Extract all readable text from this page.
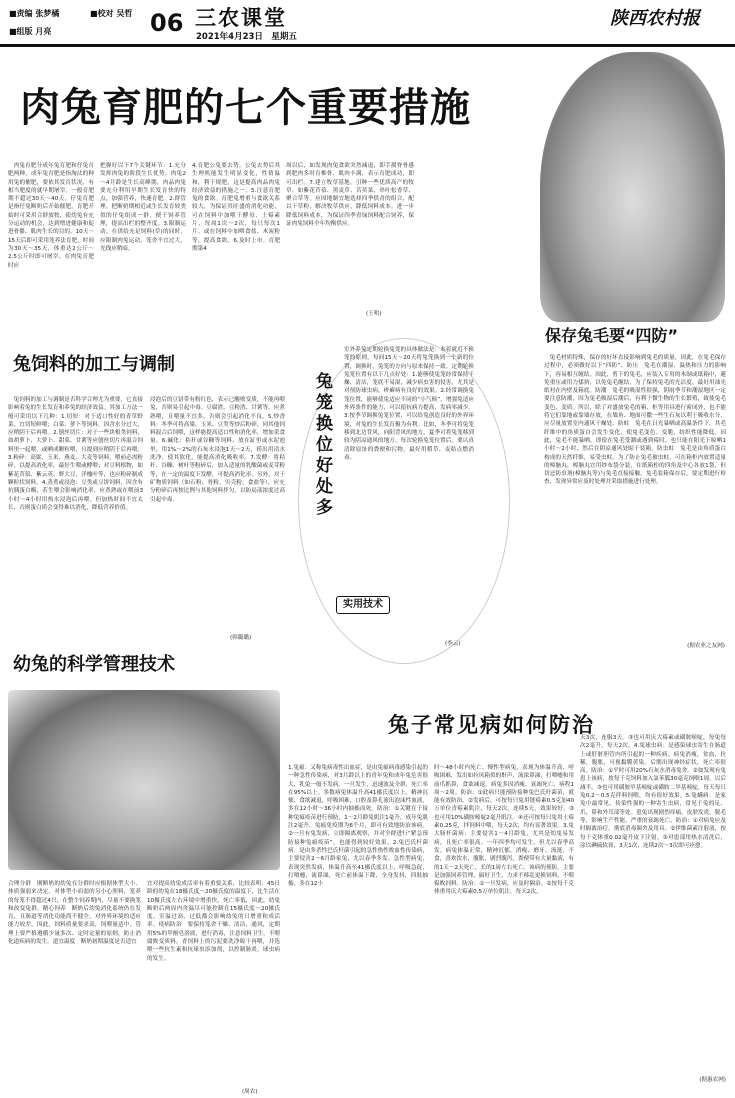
■责编 张梦橘	■校对 吴哲
■组版 月亮	06 三农课堂
2021年4月23日　星期五
陕西农村报
肉兔育肥的七个重要措施
肉兔育肥分成年兔育肥和仔兔育肥两种。成年兔育肥是指淘汰的种用兔的催肥，要依其发育状况，有相当肥度的就早期屠宰。一般育肥期不超过30天～40天。仔兔育肥是指仔兔断奶后开始催肥，育肥开始时可采用合群放牧，使幼兔有充分运动的机会，达到增进健康和促进骨骼、肌肉生长的目的。10天～15天后即可采用笼养法育肥，时间为30天～35天，体重达2公斤～2.5公斤时即可屠宰。在肉兔育肥时应
把握好以下7个关键环节：1.充分发挥肉兔的阶段生长优势。肉兔2～4月龄是生长高峰期，肉品肉兔要充分利用早期生长发育快的特点，加强营养，快速育肥。2.群管理。把断奶期相近或生长发育较类似的仔兔组成一群，便于饲养管理，提高出栏的整齐度。3.限制运动。在供给充足饲料(草)的同时，应限制肉兔运动，笼舍不宜过大，光线应稍暗。
4.育肥公兔要去势。公兔去势后其生理机能发生明显变化，性情温和，利于规肥，这是提高肉品肉兔经济效益的措施之一。5.注意育肥兔的食欲。育肥兔增重与食欲关系较大，为保证其旺盛的消化功能，可在饲料中加喂干酵母、土霉素片，每周1次～2次，每只每次1片。或在饲料中加喂食盐、木炭粉等，提高食欲。6.及时上市。育肥期第4
周以后，如发现肉兔食欲突然减退，即手摸脊骨感到肥肉多时育椎骨、肌肉丰满，表示育肥成功，即可出栏。7.建立牧草基地。引种一些优质高产的牧草。如紫花苜蓿、黑麦草、苦荬菜、串叶松香草、聚合草等。应因地制宜地选择四季供青的组合，配以干草粉，解决牧草供应，降低饲料成本。进一步降低饲料成本，为保证四季青绿饲料配合饲养，保证肉兔饲料全年均衡供应。
(王明)
保存兔毛要“四防”
兔毛材质特殊，保存的好坏直接影响到兔毛的质量。因此，在兔毛保存过程中，必须做好以下“四防”。防压　兔毛在潮湿、温热和压力的影响下，容易相互缠结。因此，剪下的兔毛，应装入专用的木制或纸箱中，避免重压或用力揉挤，以免兔毛缠结，为了保持兔毛的光洁度，最好用油光纸衬在内壁及箱底。防潮　兔毛的吸湿性很强，阴雨季节和潮湿地区一定要注意防潮，因为兔毛吸湿后潮后，有利于微生物的生长繁殖，致使兔毛变色、变质。所以，除了对盛放兔毛的箱、柜等用具进行密闭外，也不能将它们靠地或靠墙存放，在墙角、地面可撒一些生石灰以利于吸收水分，应尽量放置室内通风干燥处。防蛀　兔毛在日光暴晒或高温条件下，其毛纤维中的角质蛋白会发生变化，使兔毛变色、变脆，纺织性能降低。因此，兔毛不能暴晒，即使在兔毛受潮或遇到霉时，也只能在阳光下晾晒1小时～2小时，然后在阴凉通风处晾干装箱。防虫蛀　兔毛是由角质蛋白构成的天然纤维，易受虫蛀。为了防止兔毛被虫蛀，可在箱柜内放置适量的樟脑丸，樟脑丸宜用纱布袋分装，在纸箱柜的四角及中心各放1袋，但切忌防虫剂(樟脑丸等)与兔毛直接接触。兔毛装箱保存后，要定期进行检查，发现异常应及时处理并采取措施进行处理。
(据农业之友网)
兔饲料的加工与调制
兔饲料的加工与调制是否科学合理尤为重要，它直接影响着兔的生长发育和养兔的经济效益。其加工方法一般可采用以下几种：1.切短：对于适口性好的青草野菜，宜切短鲜喂；白菜、萝卜等饲料，因含水分过大，应稍阴干后再喂。2.刨丝切片：对于一些块根类饲料，如胡萝卜、大萝卜、甜菜、甘薯等应刨丝切片再混合饲料里一起喂，或晒成颗粒喂，且提到应稍阴干后再喂。3.粉碎：高粱、玉米、燕麦、大麦等饲料，喂前必需粉碎，以提高消化率，最好生喂或酵喂；对豆料植物，如紫花苜蓿、紫云英、野大豆、洋槐叶等，也应粉碎制成颗粒状饲料。4.蒸煮或浸泡：豆类或豆饼饲料，因含有抗胰蛋白酶，若生喂会影响消化率，应煮熟或在喂前3小时～4小时用热水浸泡后再喂。但加热时间不宜太长，否则蛋白质会变得难以消化，降低营养价值。
浸泡后的豆饼带有粉红色，表示已酸败变质，不能再喂兔，否则易引起中毒。豆腐渣、豆粉渣、甘薯等，应煮熟喂，且喂量不宜多，否则会引起消化不良。5.炒香料：冬季可将高粱、玉米、豆类等炒后粉碎，同其他饲料混合后饲喂，这样能提高适口性和消化率，增加采食量。6.碱化：秸秆或谷糠等饲料，放在缸里或水泥池里，用1%～2%的石灰水浸泡1天～2天，捞出用清水洗净，使其软化，能提高消化吸收率。7.发酵：将秸秆、谷糠、树叶等粉碎后，加入适量的乳酸菌或麦芽粉等，在一定的温度下发酵，可提高消化率。另外，对于矿物质饲料（如石粉、骨粉、贝壳粉、食盐等），应充分粉碎后再按比例与其他饲料拌匀，以防局部浓度过高引起中毒。
(韩璐璐)
兔笼换位好处多
实用技术
室外养兔定期轮换兔笼的具体做法是：本着就近不换笼的原则，每间15天～20天将兔笼换到一个新的位置，调换时，兔笼的方向与原来保持一致。定期轮换兔笼位置有以下几点好处：1.能够使兔笼经常保持干燥、清洁，笼底不易湿，减少病虫害的侵害，尤其是对预防球虫病，疥癣病有良好的效果。2.经常调换兔笼位置，能够使兔适应不同的“小气候”，增强兔适应外界条件的能力，可以使抗病力提高，发病率减少。3.按季节调换兔笼位置，可以给兔创造良好的外界环境，对兔的生长发育极为有利。比如，冬季可将兔笼移到北边背风，向阳背风的地方，夏季可将兔笼移到较为阴凉通风的地方。每次轮换兔笼位置后，要认真清除原址的粪便和污物，最好用稻草、麦秸点燃消毒。
(李云)
幼兔的科学管理技术
合理分群　刚断奶的幼兔在分群时应根据体型大小、体质强弱来决定。对体型小而弱的另小心照料，笼养的每笼不得超过4只，在整个饲养期内，尽量不要换笼和改变兔群。精心饲养　断奶后幼兔消化系统仍在发育，且肠道等消化功能尚不健全，对外界环境的适应能力较差，因此，饲料质量要求高，饲喂量适中。管理上要严格遵循少量多次、定时定量的原则，防止消化道疾病的发生。道宜温度　断奶初期温度是否适宜
宜对提高幼兔成活率有着重要关系，比较表明：45日龄的幼兔在18摄氏度～20摄氏度的温度下，比生活在10摄氏度左右环境中增重快，死亡率低，因此，幼兔断奶后两周内舍温尽可能控制在15摄氏度～20摄氏度，室温过高、过低都会影响幼兔的日增重和成活率。疫病防治　要保持笼舍干燥、清洁、通风，定期用5%的甲酚皂溶液，进行消毒，注意饲料卫生，不喂腐败变质料，青饲料上的污泥要洗净晾干再喂，并选喂一些抗生素和抗球虫添加剂，以控制肠炎、球虫病的发生。
(周农)
兔子常见病如何防治
1.兔瘟：又称兔病毒性出血症，是由兔瘟病毒感染引起的一种急性传染病，对3月龄以上的青年兔和成年兔危害很大，乳兔一般不发病。一旦发生，迅速波及全群，死亡率在95%以上。多数病兔体温升高41摄氏度以上，精神沉郁，食欲减退，呼吸困难，口腔及鼻孔流出泡沫性血液，多在12小时～36小时内抽搐而死。防治：①关键在于接种兔瘟疫苗进行预防，1～2月龄兔肌注1毫升，成年兔肌注2毫升，兔瘟免疫期为6个月，即可有效地防治该病。②一旦有兔发病，立即隔离观察，并对全群进行“紧急预防接种兔瘟疫苗”，也能得到较好效果。2.兔巴氏杆菌病：是由多杀性巴氏杆菌引起的急性热性败血性传染病，主要侵害2～6月龄家兔，尤以春季多发。急性型病兔，表现突然发病，体温升高至41摄氏度以上，呼吸急促，打喷嚏，流鼻涕，死亡前体温下降，全身发抖，四肢抽搐，多在12小
时～48小时内死亡。慢性型病兔，表现为体温升高，呼吸困难，发出如拉风箱似的鼾声，流浓鼻涕，打喷嚏和用前爪抓鼻，食欲减退，病兔多因消瘦、衰竭死亡，病程1周～2周。防治：①此病只能预防接种兔巴氏杆菌苗，就能有效防治。②发病后，可按每只兔用链霉素0.5克加40万单位青霉素肌注，每天2次，连续5天，效果较好。③也可用10%磺胺嘧啶2毫升肌注。④还可按每只兔用土霉素0.25克，拌饲料中喂，每天2次，均有显著效果。3.兔大肠杆菌病：主要侵害1～4月龄兔，尤其是幼兔易发病，且死亡率很高。一年四季均可发生，但尤以春季高发。病兔体温正常，精神沉郁，消瘦、磨牙、流涎，不食，喜欢饮水，腹胀，剧烈腹泻，粪便带有大量黏液，有的1天～2天死亡，长的1周左右死亡。该病的预防，主要是加强饲养管理，搞好卫生，力求不移乱更换饲料，不喂霉败饲料。防治：①一旦发病，应及时隔治。②按每千克体重用庆大霉素0.5万单位肌注，每天2次，
天3次，连服3天。③也可用庆大霉素或磺胺嘧啶，每兔每次2毫升，每天2次。4.兔球虫病：是感染球虫寄生在肠道上或肝脏胆管内所引起的一种疾病。病兔消瘦，贫血，拉稀，腹胀，可视黏膜黄染。后期出现神经症状，死亡率很高。防治：①平时可用20%石灰水消毒兔舍。②如发现有兔患上该病，按每千克饲料加入氯苯胍30毫克饲喂1周，以后减半。③也可用磺胺甲基嘧啶或磺胺二甲基嘧啶，每天每只兔0.2～0.5克拌料饲喂，均有很好效果。5.兔螨病：是家兔中最常见、传染性强的一种寄生虫病，常见于兔的足、爪、鼻和外耳部等处。患兔出现剧烈痒痛，皮肤发炎，脱毛等，影响生产性能，严重的衰竭死亡。防治：①对病兔应及时隔离治疗，彻底消毒圈舍及用具。②伊维菌素注射液，按每千克体重0.02毫升皮下注射。③对患部用热水清洗后，涂以碘硫软膏，3天1次，连续2次～3次即可痊愈。
(据惠农网)
